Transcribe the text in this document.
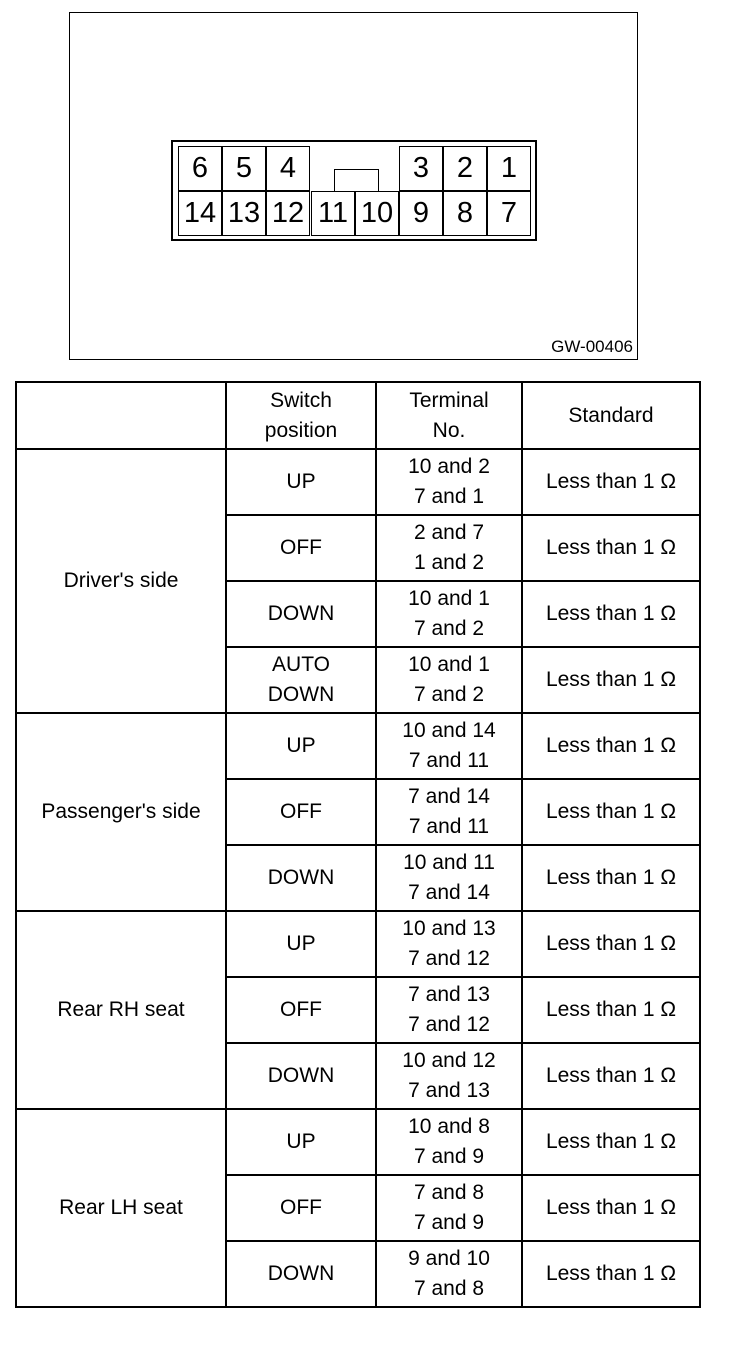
6 5 4	3 2 1
14 13 12 11 10 9 8 7
GW-00406
	Switch position	Terminal No.	Standard
Driver's side	UP	10 and 2
7 and 1	Less than 1 Ω
	OFF	2 and 7
1 and 2	Less than 1 Ω
	DOWN	10 and 1
7 and 2	Less than 1 Ω
	AUTO DOWN	10 and 1
7 and 2	Less than 1 Ω
Passenger's side	UP	10 and 14
7 and 11	Less than 1 Ω
	OFF	7 and 14
7 and 11	Less than 1 Ω
	DOWN	10 and 11
7 and 14	Less than 1 Ω
Rear RH seat	UP	10 and 13
7 and 12	Less than 1 Ω
	OFF	7 and 13
7 and 12	Less than 1 Ω
	DOWN	10 and 12
7 and 13	Less than 1 Ω
Rear LH seat	UP	10 and 8
7 and 9	Less than 1 Ω
	OFF	7 and 8
7 and 9	Less than 1 Ω
	DOWN	9 and 10
7 and 8	Less than 1 Ω
